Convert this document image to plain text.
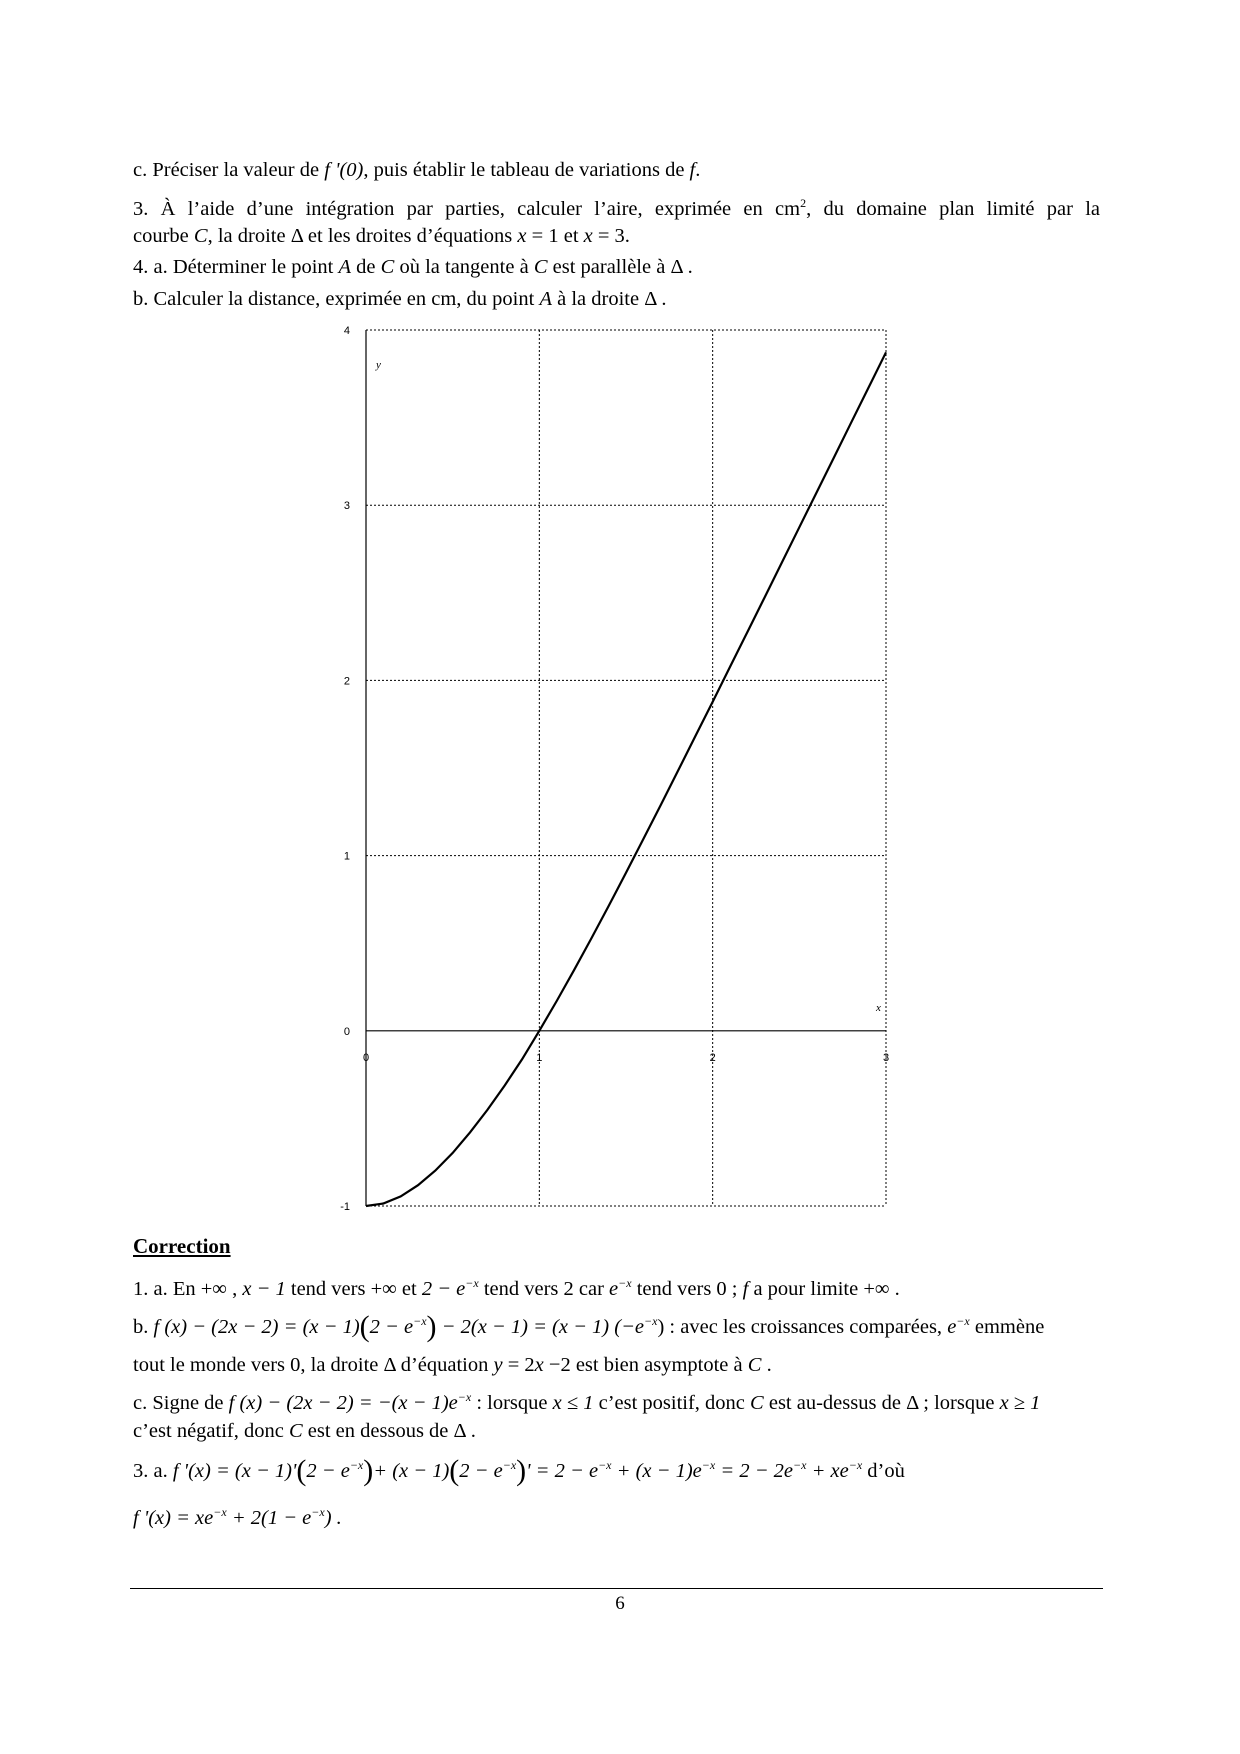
c. Préciser la valeur de f '(0), puis établir le tableau de variations de f.
3. À l’aide d’une intégration par parties, calculer l’aire, exprimée en $cm^2$, du domaine plan limité par la
courbe C, la droite Δ et les droites d’équations x = 1 et x = 3.
4. a. Déterminer le point A de C où la tangente à C est parallèle à Δ .
b. Calculer la distance, exprimée en cm, du point A à la droite Δ .
-1
0
1
2
3
4
0	1	2	3
y
x
Correction
1. a. En +∞ , x − 1 tend vers +∞ et $2 - e^{-x}$ tend vers 2 car $e^{-x}$ tend vers 0 ; f a pour limite +∞ .
b. f $(x) - (2x - 2) = (x - 1)(2 - e^{-x}) - 2(x - 1) = (x - 1)$ $(-e^{-x})$ : avec les croissances comparées, $e^{-x}$ emmène
tout le monde vers 0, la droite Δ d’équation y = 2x −2 est bien asymptote à C .
c. Signe de f $(x) - (2x - 2) = -(x - 1)e^{-x}$ : lorsque x ≤ 1 c’est positif, donc C est au-dessus de Δ ; lorsque x ≥ 1
c’est négatif, donc C est en dessous de Δ .
3. a. f '$(x) = (x - 1)'(2 - e^{-x})+ (x - 1)(2 - e^{-x})' = 2 - e^{-x} + (x - 1)e^{-x} = 2 - 2e^{-x} + xe^{-x}$ d’où
f '$(x) = xe^{-x} + 2(1 - e^{-x})$ .
6
